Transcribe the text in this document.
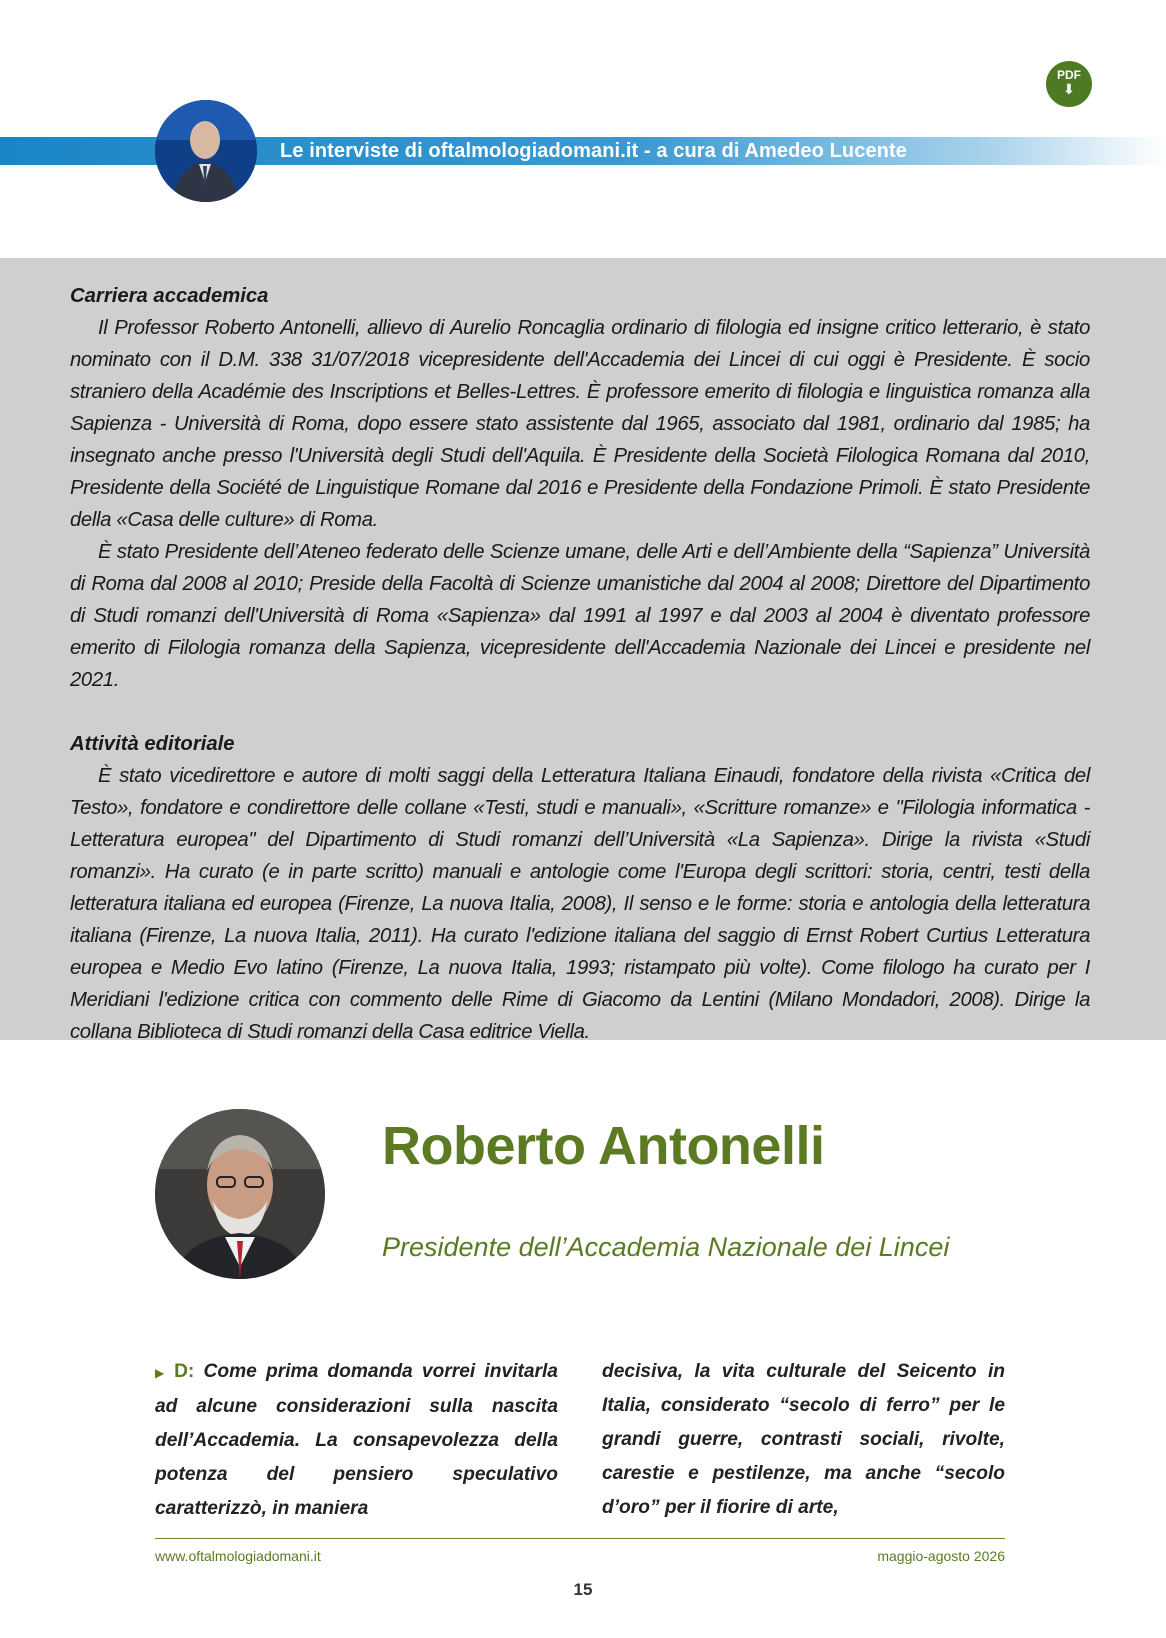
Le interviste di oftalmologiadomani.it - a cura di Amedeo Lucente
PDF
⬇
Carriera accademica

Il Professor Roberto Antonelli, allievo di Aurelio Roncaglia ordinario di filologia ed insigne critico letterario, è stato nominato con il D.M. 338 31/07/2018 vicepresidente dell'Accademia dei Lincei di cui oggi è Presidente. È socio straniero della Académie des Inscriptions et Belles-Lettres. È professore emerito di filologia e linguistica romanza alla Sapienza - Università di Roma, dopo essere stato assistente dal 1965, associato dal 1981, ordinario dal 1985; ha insegnato anche presso l'Università degli Studi dell'Aquila. È Presidente della Società Filologica Romana dal 2010, Presidente della Société de Linguistique Romane dal 2016 e Presidente della Fondazione Primoli. È stato Presidente della «Casa delle culture» di Roma.

È stato Presidente dell’Ateneo federato delle Scienze umane, delle Arti e dell’Ambiente della “Sapienza” Università di Roma dal 2008 al 2010; Preside della Facoltà di Scienze umanistiche dal 2004 al 2008; Direttore del Dipartimento di Studi romanzi dell'Università di Roma «Sapienza» dal 1991 al 1997 e dal 2003 al 2004 è diventato professore emerito di Filologia romanza della Sapienza, vicepresidente dell'Accademia Nazionale dei Lincei e presidente nel 2021.

Attività editoriale

È stato vicedirettore e autore di molti saggi della Letteratura Italiana Einaudi, fondatore della rivista «Critica del Testo», fondatore e condirettore delle collane «Testi, studi e manuali», «Scritture romanze» e "Filologia informatica - Letteratura europea" del Dipartimento di Studi romanzi dell’Università «La Sapienza». Dirige la rivista «Studi romanzi». Ha curato (e in parte scritto) manuali e antologie come l'Europa degli scrittori: storia, centri, testi della letteratura italiana ed europea (Firenze, La nuova Italia, 2008), Il senso e le forme: storia e antologia della letteratura italiana (Firenze, La nuova Italia, 2011). Ha curato l'edizione italiana del saggio di Ernst Robert Curtius Letteratura europea e Medio Evo latino (Firenze, La nuova Italia, 1993; ristampato più volte). Come filologo ha curato per I Meridiani l'edizione critica con commento delle Rime di Giacomo da Lentini (Milano Mondadori, 2008). Dirige la collana Biblioteca di Studi romanzi della Casa editrice Viella.

Roberto Antonelli
Presidente dell’Accademia Nazionale dei Lincei
▶ D: Come prima domanda vorrei invitarla ad alcune considerazioni sulla nascita dell’Accademia. La consapevolezza della potenza del pensiero speculativo caratterizzò, in maniera
decisiva, la vita culturale del Seicento in Italia, considerato “secolo di ferro” per le grandi guerre, contrasti sociali, rivolte, carestie e pestilenze, ma anche “secolo d’oro” per il fiorire di arte,
www.oftalmologiadomani.it	maggio-agosto 2026
15
